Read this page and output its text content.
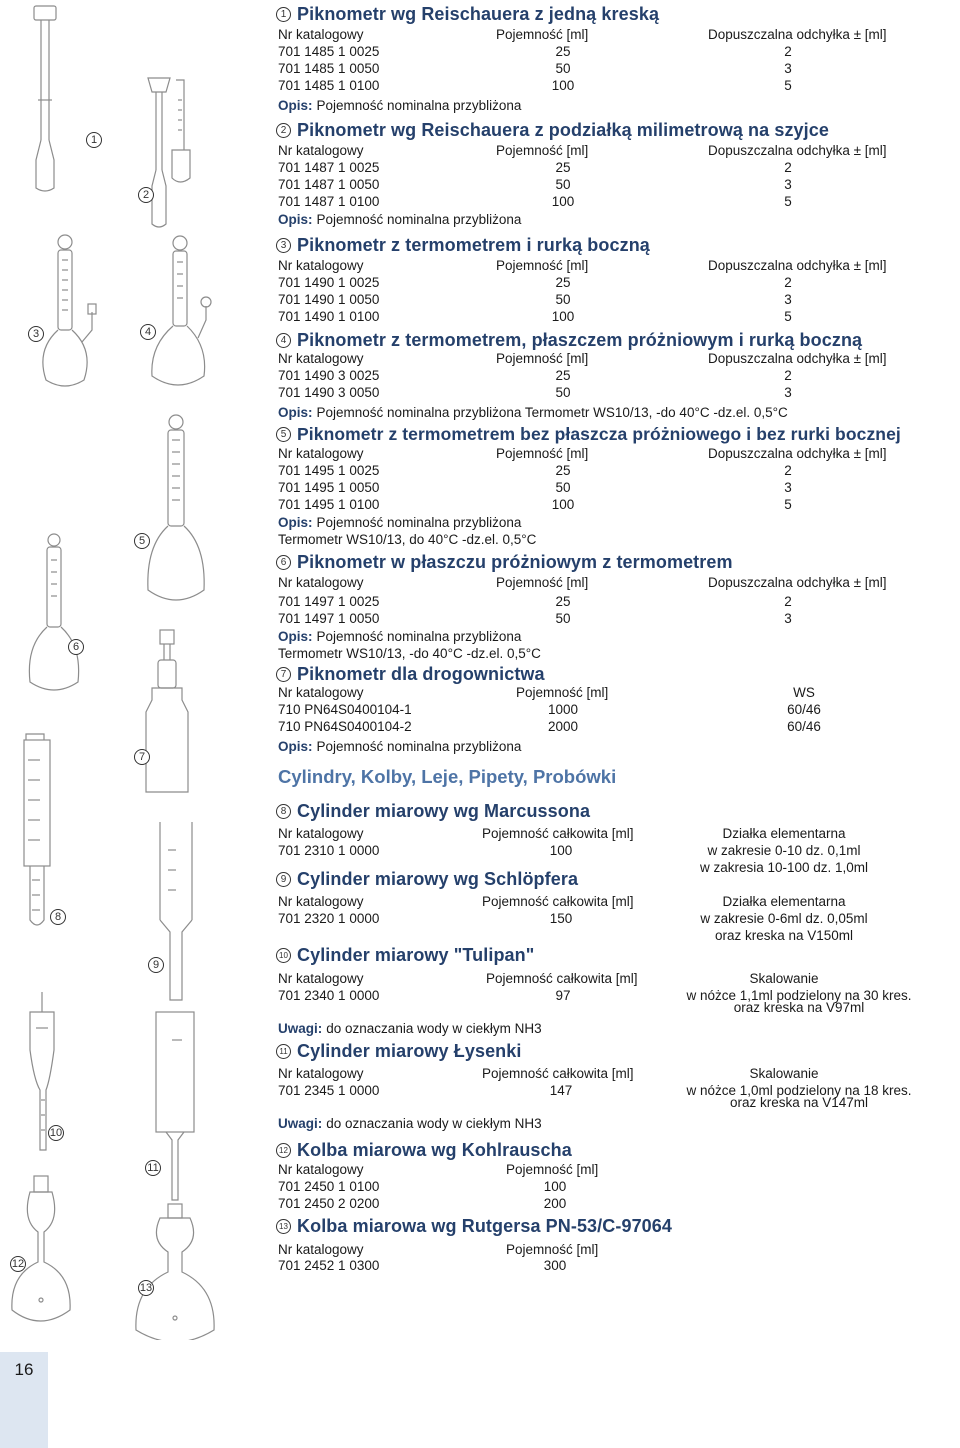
1
2
3	4
5
6
7
8
9
10
11
12
13
1 Piknometr wg Reischauera z jedną kreską
Nr katalogowy	Pojemność [ml]	Dopuszczalna odchyłka ± [ml]
701 1485 1 0025	25	2
701 1485 1 0050	50	3
701 1485 1 0100	100	5
Opis: Pojemność nominalna przybliżona
2 Piknometr wg Reischauera z podziałką milimetrową na szyjce
Nr katalogowy	Pojemność [ml]	Dopuszczalna odchyłka ± [ml]
701 1487 1 0025	25	2
701 1487 1 0050	50	3
701 1487 1 0100	100	5
Opis: Pojemność nominalna przybliżona
3 Piknometr z termometrem i rurką boczną
Nr katalogowy	Pojemność [ml]	Dopuszczalna odchyłka ± [ml]
701 1490 1 0025	25	2
701 1490 1 0050	50	3
701 1490 1 0100	100	5
4 Piknometr z termometrem, płaszczem próżniowym i rurką boczną
Nr katalogowy	Pojemność [ml]	Dopuszczalna odchyłka ± [ml]
701 1490 3 0025	25	2
701 1490 3 0050	50	3
Opis: Pojemność nominalna przybliżona Termometr WS10/13, -do 40°C -dz.el. 0,5°C
5 Piknometr z termometrem bez płaszcza próżniowego i bez rurki bocznej
Nr katalogowy	Pojemność [ml]	Dopuszczalna odchyłka ± [ml]
701 1495 1 0025	25	2
701 1495 1 0050	50	3
701 1495 1 0100	100	5
Opis: Pojemność nominalna przybliżona
Termometr WS10/13, do 40°C -dz.el. 0,5°C
6 Piknometr w płaszczu próżniowym z termometrem
Nr katalogowy	Pojemność [ml]	Dopuszczalna odchyłka ± [ml]
701 1497 1 0025	25	2
701 1497 1 0050	50	3
Opis: Pojemność nominalna przybliżona
Termometr WS10/13, -do 40°C -dz.el. 0,5°C
7 Piknometr dla drogownictwa
Nr katalogowy	Pojemność [ml]	WS
710 PN64S0400104-1	1000	60/46
710 PN64S0400104-2	2000	60/46
Opis: Pojemność nominalna przybliżona
Cylindry, Kolby, Leje, Pipety, Probówki
8 Cylinder miarowy wg Marcussona
Nr katalogowy	Pojemność całkowita [ml]	Działka elementarna
701 2310 1 0000	100	w zakresie 0-10 dz. 0,1ml
w zakresia 10-100 dz. 1,0ml
9 Cylinder miarowy wg Schlöpfera
Nr katalogowy	Pojemność całkowita [ml]	Działka elementarna
701 2320 1 0000	150	w zakresie 0-6ml dz. 0,05ml
oraz kreska na V150ml
10 Cylinder miarowy "Tulipan"
Nr katalogowy	Pojemność całkowita [ml]	Skalowanie
701 2340 1 0000	97	w nóżce 1,1ml podzielony na 30 kres.
oraz kreska na V97ml
Uwagi: do oznaczania wody w ciekłym NH3
11 Cylinder miarowy Łysenki
Nr katalogowy	Pojemność całkowita [ml]	Skalowanie
701 2345 1 0000	147	w nóżce 1,0ml podzielony na 18 kres.
oraz kreska na V147ml
Uwagi: do oznaczania wody w ciekłym NH3
12 Kolba miarowa wg Kohlrauscha
Nr katalogowy	Pojemność [ml]
701 2450 1 0100	100
701 2450 2 0200	200
13 Kolba miarowa wg Rutgersa PN-53/C-97064
Nr katalogowy	Pojemność [ml]
701 2452 1 0300	300
16
